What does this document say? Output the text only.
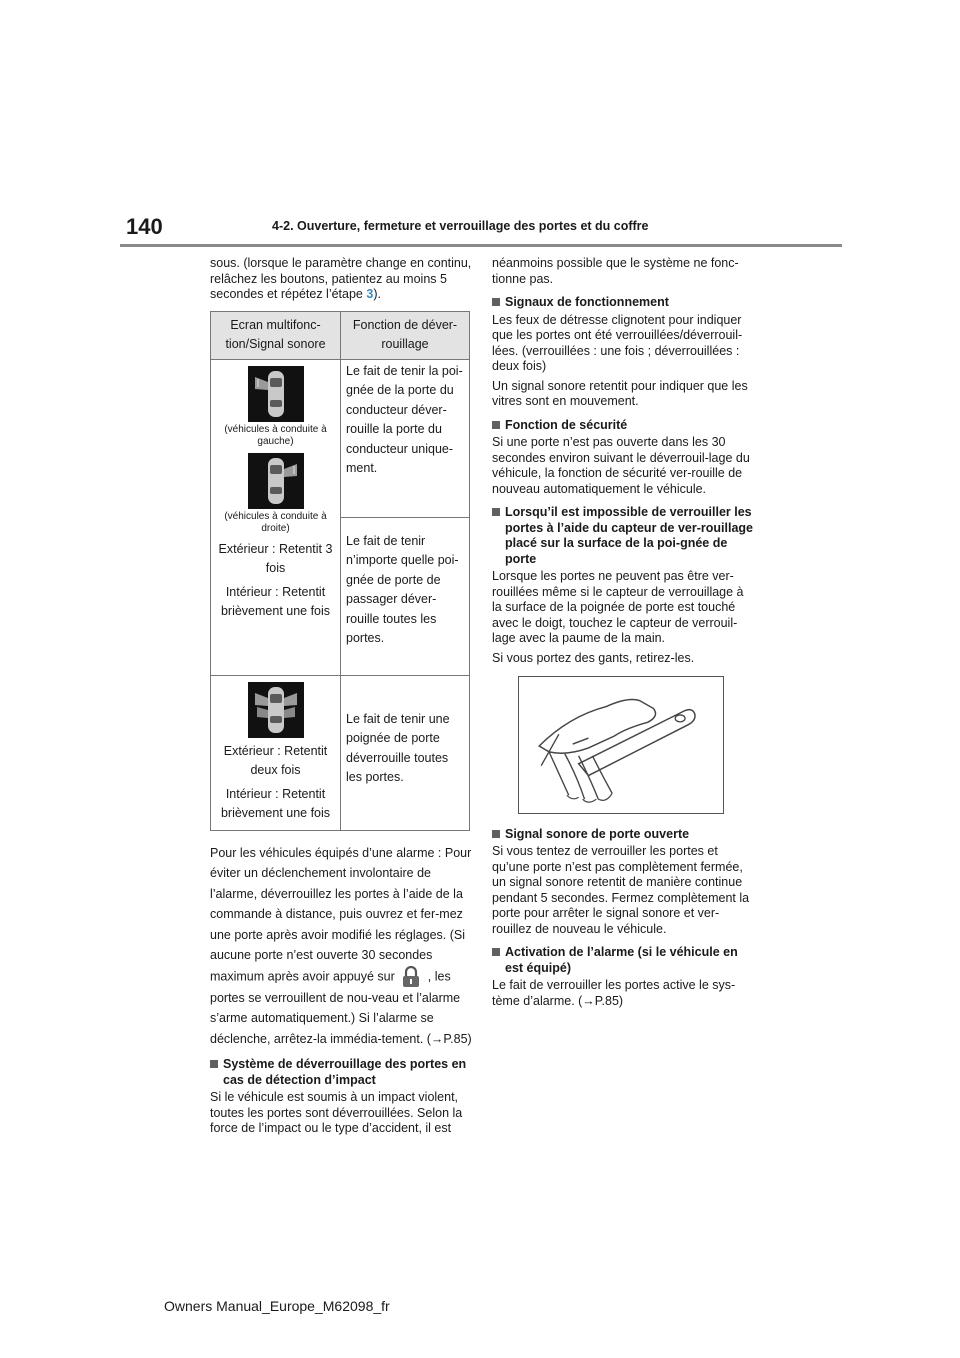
140	4-2. Ouverture, fermeture et verrouillage des portes et du coffre

sous. (lorsque le paramètre change en continu, relâchez les boutons, patientez au moins 5 secondes et répétez l’étape 3).

Ecran multifonc-tion/Signal sonore	Fonction de déver-rouillage

(véhicules à conduite à gauche)
(véhicules à conduite à droite)
Extérieur : Retentit 3 fois
Intérieur : Retentit brièvement une fois	Le fait de tenir la poi-gnée de la porte du conducteur déver-rouille la porte du conducteur unique-ment.
	Le fait de tenir n’importe quelle poi-gnée de porte de passager déver-rouille toutes les portes.

Extérieur : Retentit deux fois
Intérieur : Retentit brièvement une fois	Le fait de tenir une poignée de porte déverrouille toutes les portes.

Pour les véhicules équipés d’une alarme : Pour éviter un déclenchement involontaire de l’alarme, déverrouillez les portes à l’aide de la commande à distance, puis ouvrez et fer-mez une porte après avoir modifié les réglages. (Si aucune porte n’est ouverte 30 secondes maximum après avoir appuyé sur	, les portes se verrouillent de nou-veau et l’alarme s’arme automatiquement.) Si l’alarme se déclenche, arrêtez-la immédia-tement. (→P.85)

Système de déverrouillage des portes en cas de détection d’impact

Si le véhicule est soumis à un impact violent, toutes les portes sont déverrouillées. Selon la force de l’impact ou le type d’accident, il est

néanmoins possible que le système ne fonc-tionne pas.

Signaux de fonctionnement

Les feux de détresse clignotent pour indiquer que les portes ont été verrouillées/déverrouil-lées. (verrouillées : une fois ; déverrouillées : deux fois)

Un signal sonore retentit pour indiquer que les vitres sont en mouvement.

Fonction de sécurité

Si une porte n’est pas ouverte dans les 30 secondes environ suivant le déverrouil-lage du véhicule, la fonction de sécurité ver-rouille de nouveau automatiquement le véhicule.

Lorsqu’il est impossible de verrouiller les portes à l’aide du capteur de ver-rouillage placé sur la surface de la poi-gnée de porte

Lorsque les portes ne peuvent pas être ver-rouillées même si le capteur de verrouillage à la surface de la poignée de porte est touché avec le doigt, touchez le capteur de verrouil-lage avec la paume de la main.

Si vous portez des gants, retirez-les.

Signal sonore de porte ouverte

Si vous tentez de verrouiller les portes et qu’une porte n’est pas complètement fermée, un signal sonore retentit de manière continue pendant 5 secondes. Fermez complètement la porte pour arrêter le signal sonore et ver-rouillez de nouveau le véhicule.

Activation de l’alarme (si le véhicule en est équipé)

Le fait de verrouiller les portes active le sys-tème d’alarme. (→P.85)

Owners Manual_Europe_M62098_fr
